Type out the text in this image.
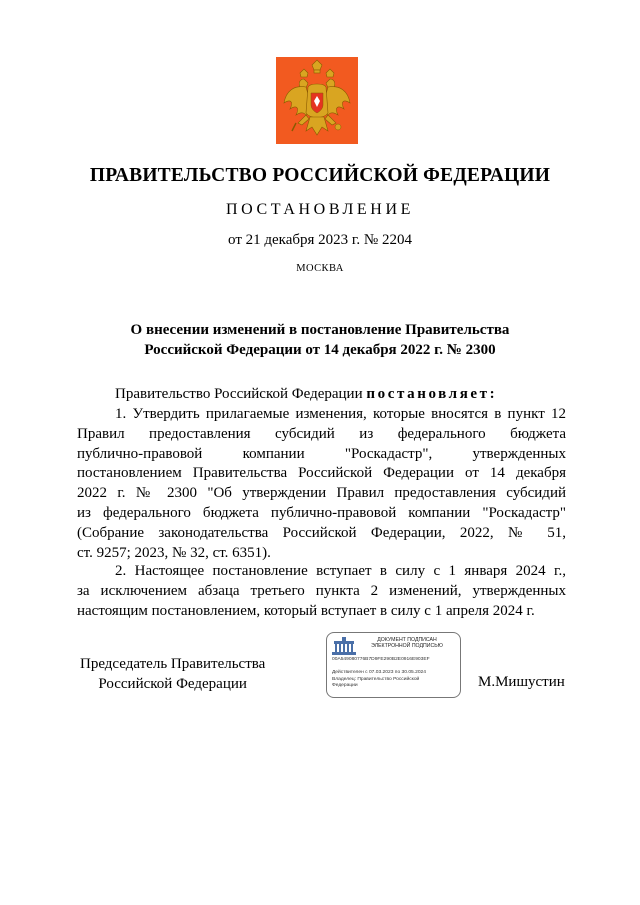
ПРАВИТЕЛЬСТВО РОССИЙСКОЙ ФЕДЕРАЦИИ
ПОСТАНОВЛЕНИЕ
от 21 декабря 2023 г. № 2204
МОСКВА
О внесении изменений в постановление Правительства
Российской Федерации от 14 декабря 2022 г. № 2300
Правительство Российской Федерации постановляет:
1. Утвердить прилагаемые изменения, которые вносятся в пункт 12
Правил предоставления субсидий из федерального бюджета
публично-правовой компании "Роскадастр", утвержденных
постановлением Правительства Российской Федерации от 14 декабря
2022 г. № 2300 "Об утверждении Правил предоставления субсидий
из федерального бюджета публично-правовой компании "Роскадастр"
(Собрание законодательства Российской Федерации, 2022, № 51,
ст. 9257; 2023, № 32, ст. 6351).
2. Настоящее постановление вступает в силу с 1 января 2024 г.,
за исключением абзаца третьего пункта 2 изменений, утвержденных
настоящим постановлением, который вступает в силу с 1 апреля 2024 г.
Председатель Правительства
Российской Федерации
ДОКУМЕНТ ПОДПИСАН
ЭЛЕКТРОННОЙ ПОДПИСЬЮ
00A549080776B7D9FE290B2E0916E903EF
Действителен с 07.03.2023 по 30.05.2024
Владелец: Правительство Российской
Федерации	М.Мишустин
